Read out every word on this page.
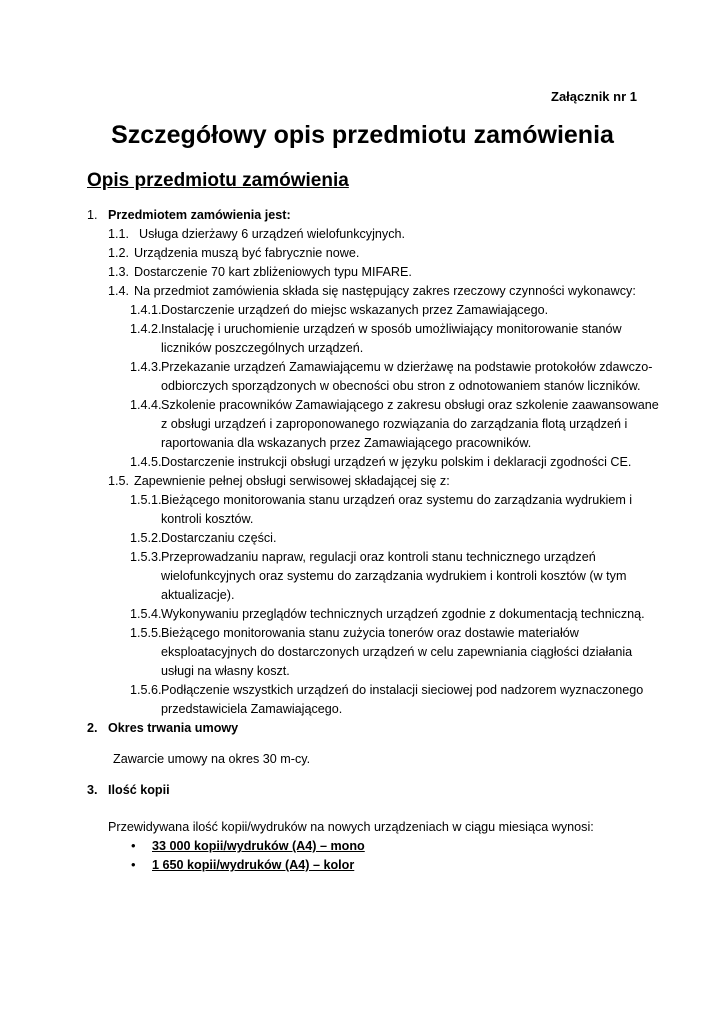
Załącznik nr 1
Szczegółowy opis przedmiotu zamówienia
Opis przedmiotu zamówienia
1. Przedmiotem zamówienia jest:
1.1. Usługa dzierżawy 6 urządzeń wielofunkcyjnych.
1.2. Urządzenia muszą być fabrycznie nowe.
1.3. Dostarczenie 70 kart zbliżeniowych typu MIFARE.
1.4. Na przedmiot zamówienia składa się następujący zakres rzeczowy czynności wykonawcy:
1.4.1. Dostarczenie urządzeń do miejsc wskazanych przez Zamawiającego.
1.4.2. Instalację i uruchomienie urządzeń w sposób umożliwiający monitorowanie stanów
liczników poszczególnych urządzeń.
1.4.3. Przekazanie urządzeń Zamawiającemu w dzierżawę na podstawie protokołów zdawczo-
odbiorczych sporządzonych w obecności obu stron z odnotowaniem stanów liczników.
1.4.4. Szkolenie pracowników Zamawiającego z zakresu obsługi oraz szkolenie zaawansowane
z obsługi urządzeń i zaproponowanego rozwiązania do zarządzania flotą urządzeń i
raportowania dla wskazanych przez Zamawiającego pracowników.
1.4.5. Dostarczenie instrukcji obsługi urządzeń w języku polskim i deklaracji zgodności CE.
1.5. Zapewnienie pełnej obsługi serwisowej składającej się z:
1.5.1. Bieżącego monitorowania stanu urządzeń oraz systemu do zarządzania wydrukiem i
kontroli kosztów.
1.5.2. Dostarczaniu części.
1.5.3. Przeprowadzaniu napraw, regulacji oraz kontroli stanu technicznego urządzeń
wielofunkcyjnych oraz systemu do zarządzania wydrukiem i kontroli kosztów (w tym
aktualizacje).
1.5.4. Wykonywaniu przeglądów technicznych urządzeń zgodnie z dokumentacją techniczną.
1.5.5. Bieżącego monitorowania stanu zużycia tonerów oraz dostawie materiałów
eksploatacyjnych do dostarczonych urządzeń w celu zapewniania ciągłości działania
usługi na własny koszt.
1.5.6. Podłączenie wszystkich urządzeń do instalacji sieciowej pod nadzorem wyznaczonego
przedstawiciela Zamawiającego.
2. Okres trwania umowy
Zawarcie umowy na okres 30 m-cy.
3. Ilość kopii
Przewidywana ilość kopii/wydruków na nowych urządzeniach w ciągu miesiąca wynosi:
• 33 000 kopii/wydruków (A4) – mono
• 1 650 kopii/wydruków (A4) – kolor
